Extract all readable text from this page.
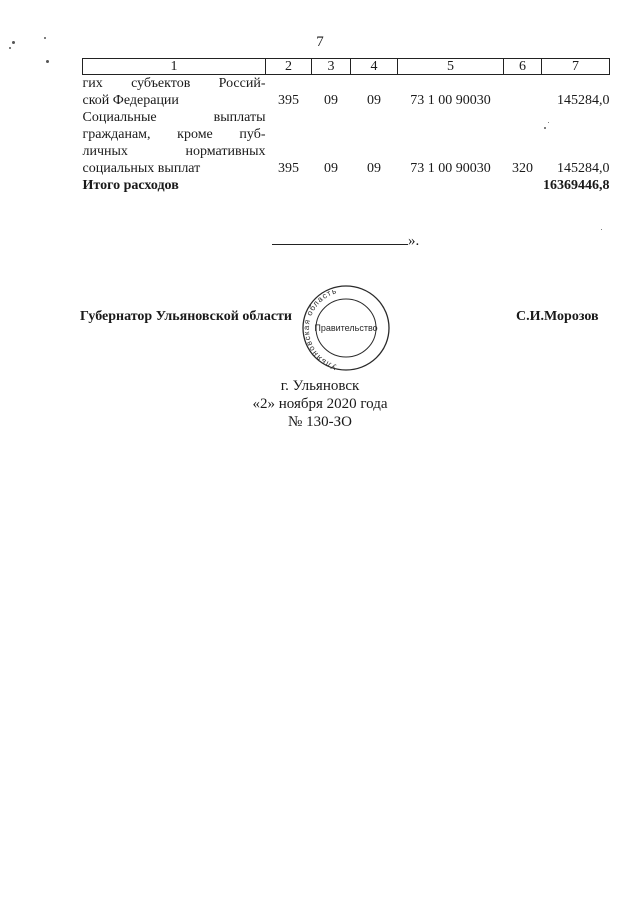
7
1	2	3	4	5	6	7

гих субъектов Россий-
ской Федерации	395	09	09	73 1 00 90030		145284,0

Социальные выплаты
гражданам, кроме пуб-
личных нормативных
социальных выплат	395	09	09	73 1 00 90030	320	145284,0
Итого расходов						16369446,8
».
Губернатор Ульяновской области
Ульяновская область
Правительство
С.И.Морозов
г. Ульяновск
«2» ноября 2020 года
№ 130-ЗО
